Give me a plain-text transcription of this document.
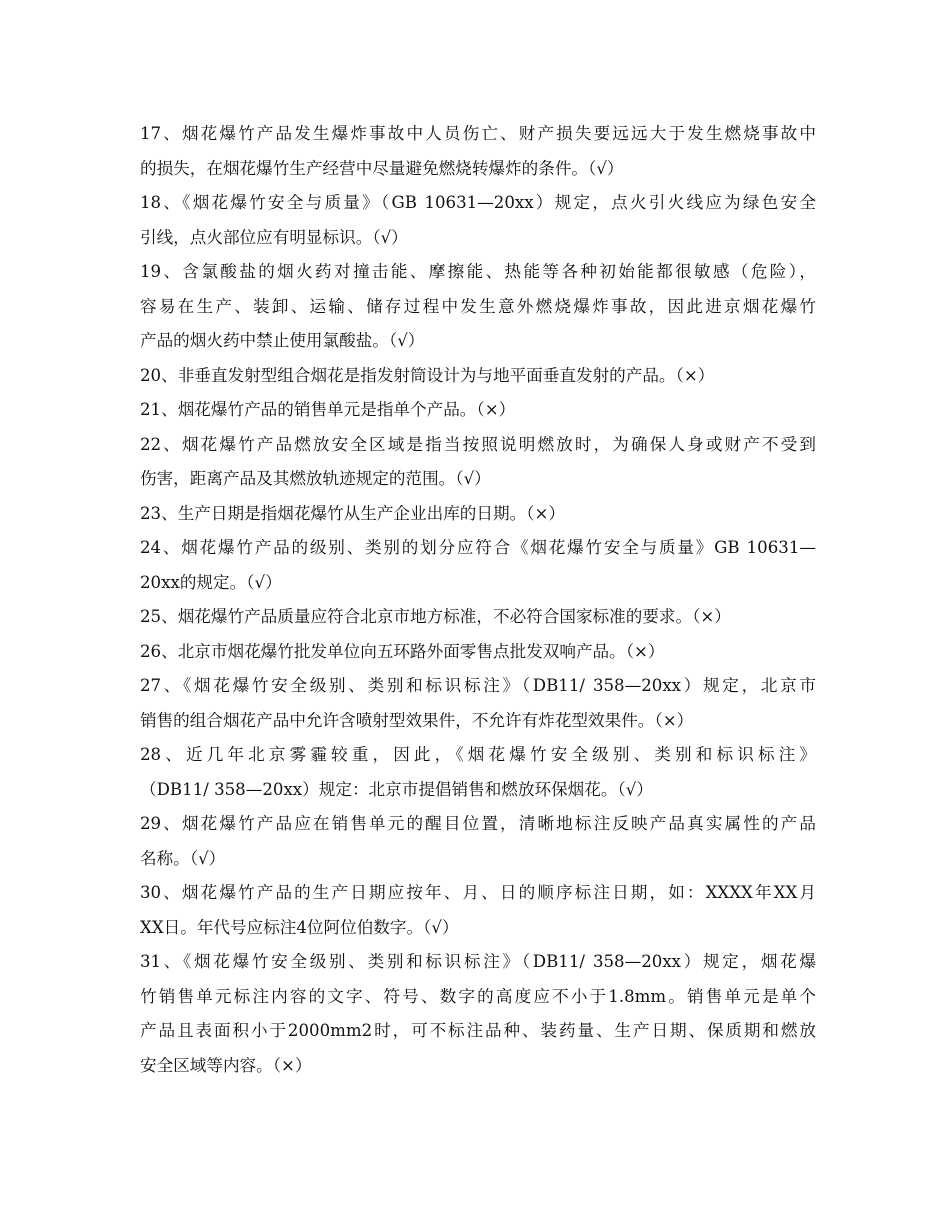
17、烟花爆竹产品发生爆炸事故中人员伤亡、财产损失要远远大于发生燃烧事故中
的损失，在烟花爆竹生产经营中尽量避免燃烧转爆炸的条件。（√）
18、《烟花爆竹安全与质量》（GB 10631—20xx）规定，点火引火线应为绿色安全
引线，点火部位应有明显标识。（√）
19、含氯酸盐的烟火药对撞击能、摩擦能、热能等各种初始能都很敏感（危险），
容易在生产、装卸、运输、储存过程中发生意外燃烧爆炸事故，因此进京烟花爆竹
产品的烟火药中禁止使用氯酸盐。（√）
20、非垂直发射型组合烟花是指发射筒设计为与地平面垂直发射的产品。（×）
21、烟花爆竹产品的销售单元是指单个产品。（×）
22、烟花爆竹产品燃放安全区域是指当按照说明燃放时，为确保人身或财产不受到
伤害，距离产品及其燃放轨迹规定的范围。（√）
23、生产日期是指烟花爆竹从生产企业出库的日期。（×）
24、烟花爆竹产品的级别、类别的划分应符合《烟花爆竹安全与质量》GB 10631—
20xx的规定。（√）
25、烟花爆竹产品质量应符合北京市地方标准，不必符合国家标准的要求。（×）
26、北京市烟花爆竹批发单位向五环路外面零售点批发双响产品。（×）
27、《烟花爆竹安全级别、类别和标识标注》（DB11/ 358—20xx）规定，北京市
销售的组合烟花产品中允许含喷射型效果件，不允许有炸花型效果件。（×）
28、近几年北京雾霾较重，因此，《烟花爆竹安全级别、类别和标识标注》
（DB11/ 358—20xx）规定：北京市提倡销售和燃放环保烟花。（√）
29、烟花爆竹产品应在销售单元的醒目位置，清晰地标注反映产品真实属性的产品
名称。（√）
30、烟花爆竹产品的生产日期应按年、月、日的顺序标注日期，如：XXXX年XX月
XX日。年代号应标注4位阿位伯数字。（√）
31、《烟花爆竹安全级别、类别和标识标注》（DB11/ 358—20xx）规定，烟花爆
竹销售单元标注内容的文字、符号、数字的高度应不小于1.8mm。销售单元是单个
产品且表面积小于2000mm2时，可不标注品种、装药量、生产日期、保质期和燃放
安全区域等内容。（×）
